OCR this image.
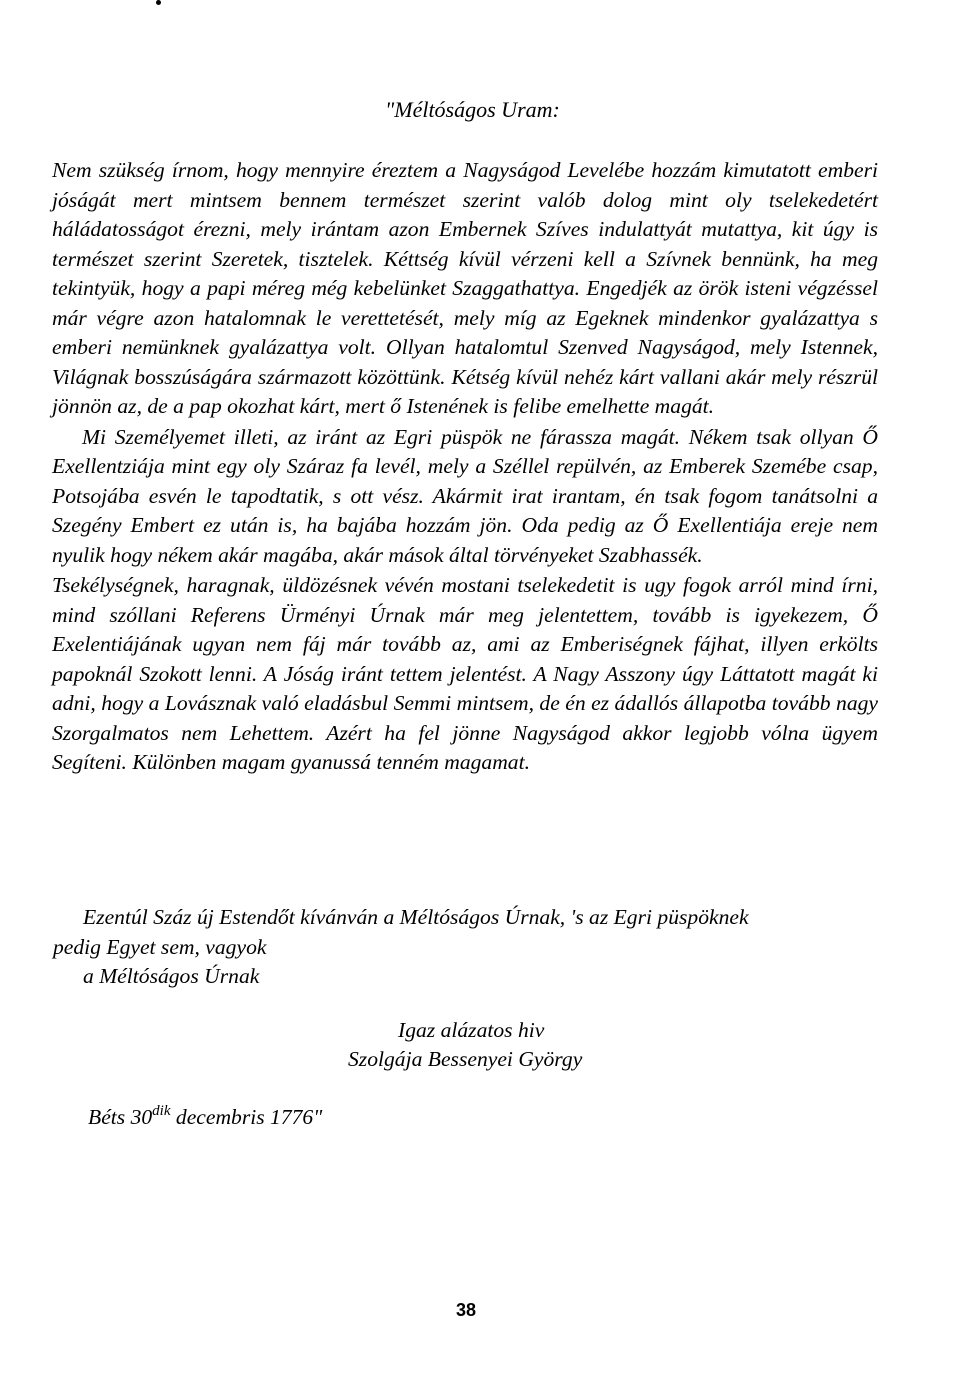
"Méltóságos Uram:

Nem szükség írnom, hogy mennyire éreztem a Nagyságod Levelébe hozzám kimutatott emberi jóságát mert mintsem bennem természet szerint valób dolog mint oly tselekedetért háládatosságot érezni, mely irántam azon Embernek Szíves indulattyát mutattya, kit úgy is természet szerint Szeretek, tisztelek. Kéttség kívül vérzeni kell a Szívnek bennünk, ha meg tekintyük, hogy a papi méreg még kebelünket Szaggathattya. Engedjék az örök isteni végzéssel már végre azon hatalomnak le verettetését, mely míg az Egeknek mindenkor gyalázattya s emberi nemünknek gyalázattya volt. Ollyan hatalomtul Szenved Nagyságod, mely Istennek, Világnak bosszúságára származott közöttünk. Kétség kívül nehéz kárt vallani akár mely részrül jönnön az, de a pap okozhat kárt, mert ő Istenének is felibe emelhette magát.

Mi Személyemet illeti, az iránt az Egri püspök ne fárassza magát. Nékem tsak ollyan Ő Exellentziája mint egy oly Száraz fa levél, mely a Széllel repülvén, az Emberek Szemébe csap, Potsojába esvén le tapodtatik, s ott vész. Akármit irat irantam, én tsak fogom tanátsolni a Szegény Embert ez után is, ha bajába hozzám jön. Oda pedig az Ő Exellentiája ereje nem nyulik hogy nékem akár magába, akár mások által törvényeket Szabhassék.

Tsekélységnek, haragnak, üldözésnek vévén mostani tselekedetit is ugy fogok arról mind írni, mind szóllani Referens Ürményi Úrnak már meg jelentettem, tovább is igyekezem, Ő Exelentiájának ugyan nem fáj már tovább az, ami az Emberiségnek fájhat, illyen erkölts papoknál Szokott lenni. A Jóság iránt tettem jelentést. A Nagy Asszony úgy Láttatott magát ki adni, hogy a Lovásznak való eladásbul Semmi mintsem, de én ez ádallós állapotba tovább nagy Szorgalmatos nem Lehettem. Azért ha fel jönne Nagyságod akkor legjobb vólna ügyem Segíteni. Különben magam gyanussá tenném magamat.

Ezentúl Száz új Estendőt kívánván a Méltóságos Úrnak, 's az Egri püspöknek
pedig Egyet sem, vagyok
a Méltóságos Úrnak
Igaz alázatos hiv
Szolgája Bessenyei György
Béts $30^{dik}$ decembris 1776"
38
